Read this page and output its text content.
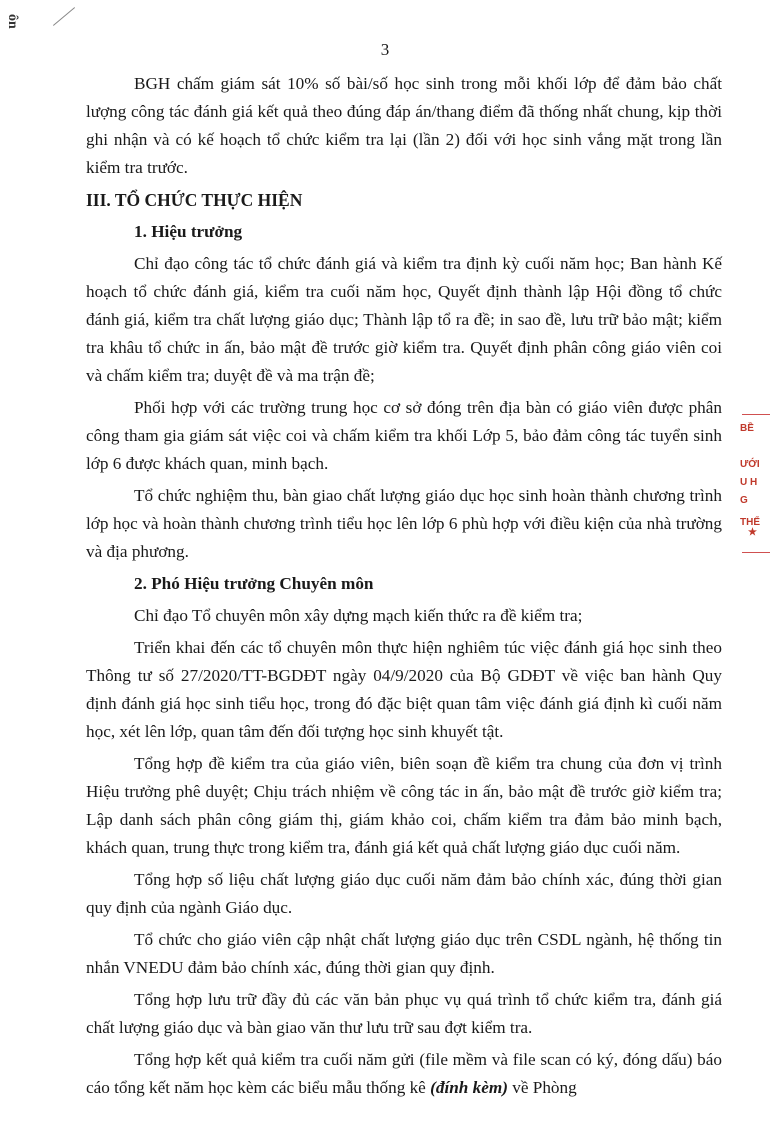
ôn
3

BGH chấm giám sát 10% số bài/số học sinh trong mỗi khối lớp để đảm bảo chất lượng công tác đánh giá kết quả theo đúng đáp án/thang điểm đã thống nhất chung, kịp thời ghi nhận và có kế hoạch tổ chức kiểm tra lại (lần 2) đối với học sinh vắng mặt trong lần kiểm tra trước.

III. TỔ CHỨC THỰC HIỆN
1. Hiệu trưởng

Chỉ đạo công tác tổ chức đánh giá và kiểm tra định kỳ cuối năm học; Ban hành Kế hoạch tổ chức đánh giá, kiểm tra cuối năm học, Quyết định thành lập Hội đồng tổ chức đánh giá, kiểm tra chất lượng giáo dục; Thành lập tổ ra đề; in sao đề, lưu trữ bảo mật; kiểm tra khâu tổ chức in ấn, bảo mật đề trước giờ kiểm tra. Quyết định phân công giáo viên coi và chấm kiểm tra; duyệt đề và ma trận đề;

Phối hợp với các trường trung học cơ sở đóng trên địa bàn có giáo viên được phân công tham gia giám sát việc coi và chấm kiểm tra khối Lớp 5, bảo đảm công tác tuyển sinh lớp 6 được khách quan, minh bạch.

Tổ chức nghiệm thu, bàn giao chất lượng giáo dục học sinh hoàn thành chương trình lớp học và hoàn thành chương trình tiểu học lên lớp 6 phù hợp với điều kiện của nhà trường và địa phương.

2. Phó Hiệu trưởng Chuyên môn

Chỉ đạo Tổ chuyên môn xây dựng mạch kiến thức ra đề kiểm tra;

Triển khai đến các tổ chuyên môn thực hiện nghiêm túc việc đánh giá học sinh theo Thông tư số 27/2020/TT-BGDĐT ngày 04/9/2020 của Bộ GDĐT về việc ban hành Quy định đánh giá học sinh tiểu học, trong đó đặc biệt quan tâm việc đánh giá định kì cuối năm học, xét lên lớp, quan tâm đến đối tượng học sinh khuyết tật.

Tổng hợp đề kiểm tra của giáo viên, biên soạn đề kiểm tra chung của đơn vị trình Hiệu trưởng phê duyệt; Chịu trách nhiệm về công tác in ấn, bảo mật đề trước giờ kiểm tra; Lập danh sách phân công giám thị, giám khảo coi, chấm kiểm tra đảm bảo minh bạch, khách quan, trung thực trong kiểm tra, đánh giá kết quả chất lượng giáo dục cuối năm.

Tổng hợp số liệu chất lượng giáo dục cuối năm đảm bảo chính xác, đúng thời gian quy định của ngành Giáo dục.

Tổ chức cho giáo viên cập nhật chất lượng giáo dục trên CSDL ngành, hệ thống tin nhắn VNEDU đảm bảo chính xác, đúng thời gian quy định.

Tổng hợp lưu trữ đầy đủ các văn bản phục vụ quá trình tổ chức kiểm tra, đánh giá chất lượng giáo dục và bàn giao văn thư lưu trữ sau đợt kiểm tra.

Tổng hợp kết quả kiểm tra cuối năm gửi (file mềm và file scan có ký, đóng dấu) báo cáo tổng kết năm học kèm các biểu mẫu thống kê (đính kèm) về Phòng

BỀ
ƯỚI
U H
G THỂ
★
